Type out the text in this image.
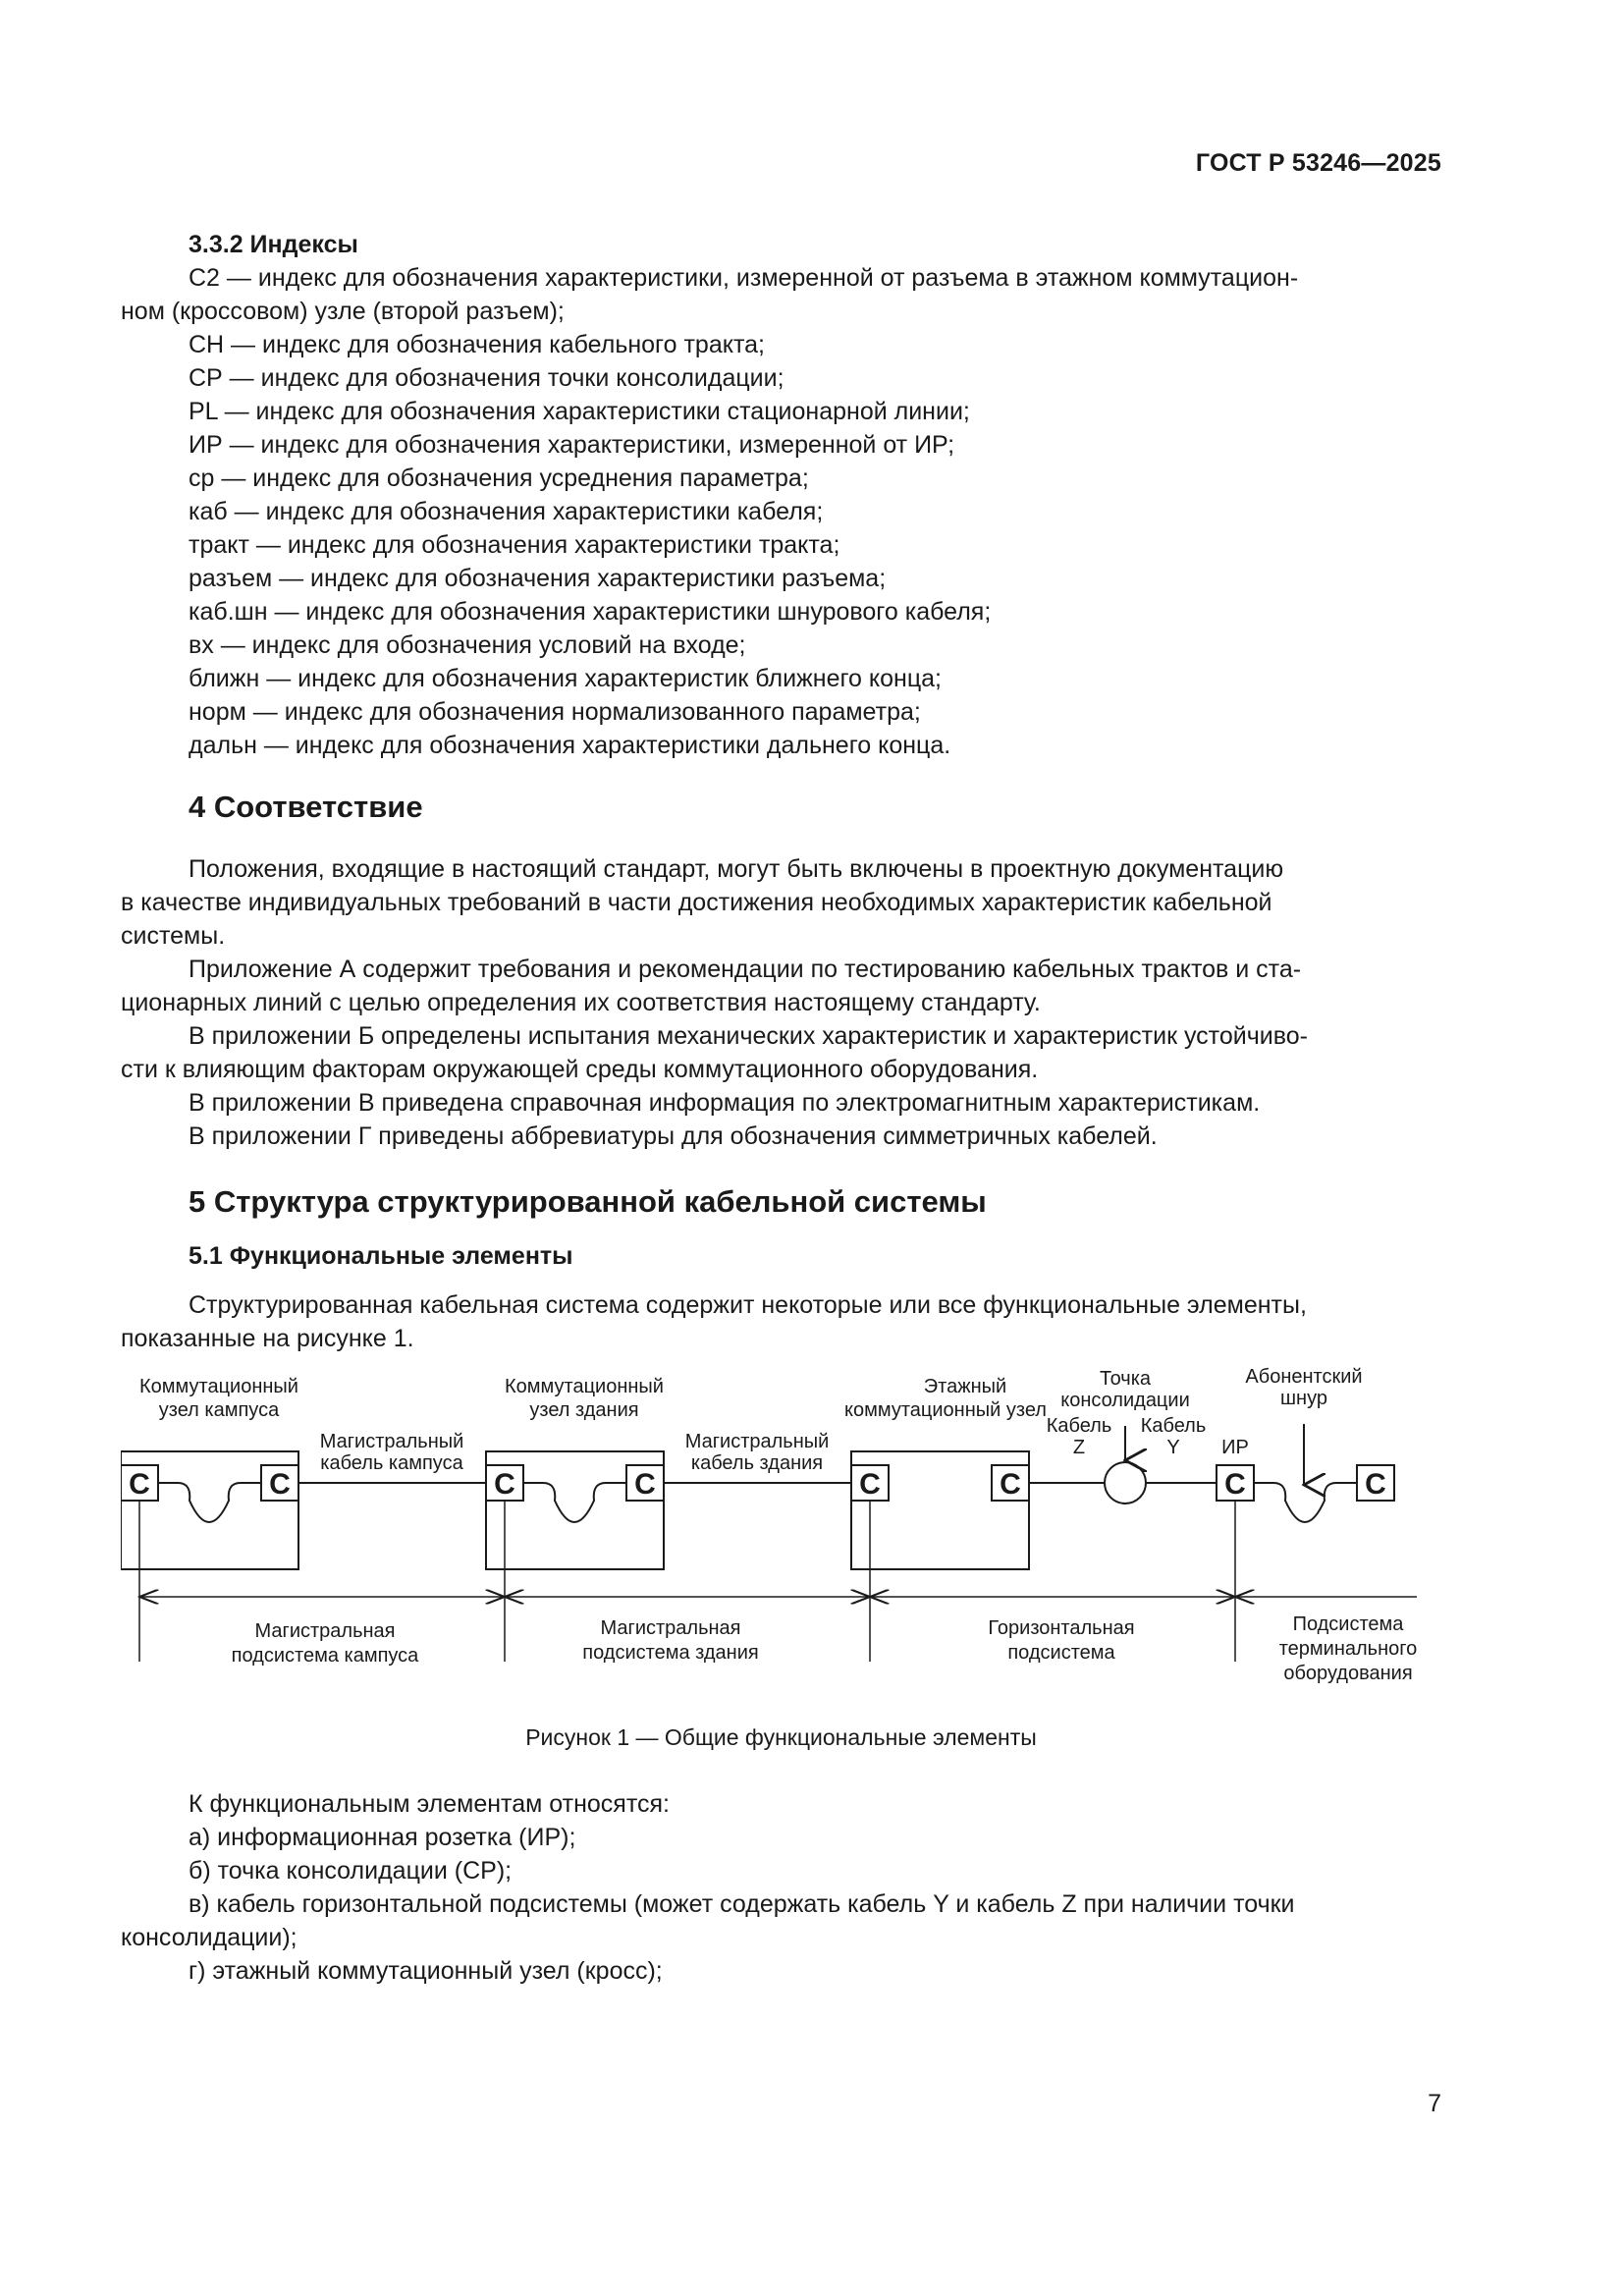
ГОСТ Р 53246—2025

3.3.2 Индексы

С2 — индекс для обозначения характеристики, измеренной от разъема в этажном коммутацион-

ном (кроссовом) узле (второй разъем);

СН — индекс для обозначения кабельного тракта;

СР — индекс для обозначения точки консолидации;

PL — индекс для обозначения характеристики стационарной линии;

ИР — индекс для обозначения характеристики, измеренной от ИР;

ср — индекс для обозначения усреднения параметра;

каб — индекс для обозначения характеристики кабеля;

тракт — индекс для обозначения характеристики тракта;

разъем — индекс для обозначения характеристики разъема;

каб.шн — индекс для обозначения характеристики шнурового кабеля;

вх — индекс для обозначения условий на входе;

ближн — индекс для обозначения характеристик ближнего конца;

норм — индекс для обозначения нормализованного параметра;

дальн — индекс для обозначения характеристики дальнего конца.

4 Соответствие

Положения, входящие в настоящий стандарт, могут быть включены в проектную документацию

в качестве индивидуальных требований в части достижения необходимых характеристик кабельной

системы.

Приложение А содержит требования и рекомендации по тестированию кабельных трактов и ста-

ционарных линий с целью определения их соответствия настоящему стандарту.

В приложении Б определены испытания механических характеристик и характеристик устойчиво-

сти к влияющим факторам окружающей среды коммутационного оборудования.

В приложении В приведена справочная информация по электромагнитным характеристикам.

В приложении Г приведены аббревиатуры для обозначения симметричных кабелей.

5 Структура структурированной кабельной системы

5.1 Функциональные элементы

Структурированная кабельная система содержит некоторые или все функциональные элементы,

показанные на рисунке 1.

С	С	С	С	С	С	С	С
Коммутационный
узел кампуса
Коммутационный
узел здания
Этажный
коммутационный узел
Магистральный
кабель кампуса
Магистральный
кабель здания
Точка
консолидации
Кабель
Z
Кабель
Y ИР
Абонентский
шнур
Магистральная
подсистема кампуса
Магистральная
подсистема здания
Горизонтальная
подсистема
Подсистема
терминального
оборудования

Рисунок 1 — Общие функциональные элементы

К функциональным элементам относятся:

а) информационная розетка (ИР);

б) точка консолидации (СР);

в) кабель горизонтальной подсистемы (может содержать кабель Y и кабель Z при наличии точки

консолидации);

г) этажный коммутационный узел (кросс);

7
